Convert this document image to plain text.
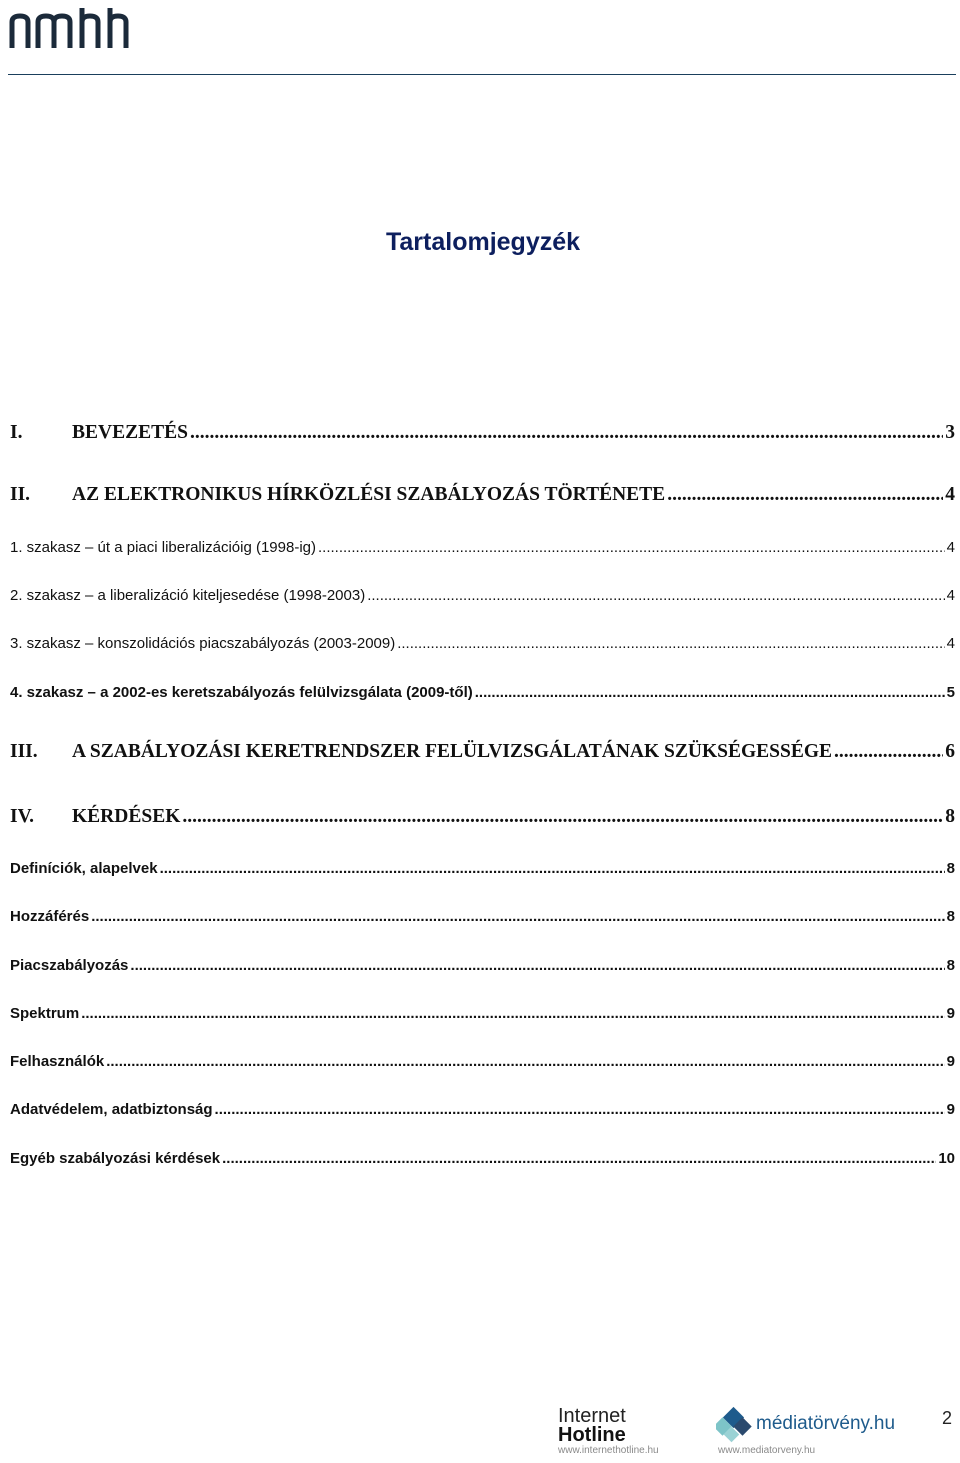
Tartalomjegyzék
I.	BEVEZETÉS .....	3
II.	AZ ELEKTRONIKUS HÍRKÖZLÉSI SZABÁLYOZÁS TÖRTÉNETE .....	4
1. szakasz – út a piaci liberalizációig (1998-ig) .....	4
2. szakasz – a liberalizáció kiteljesedése (1998-2003) .....	4
3. szakasz – konszolidációs piacszabályozás (2003-2009) .....	4
4. szakasz – a 2002-es keretszabályozás felülvizsgálata (2009-től) .....	5
III.	A SZABÁLYOZÁSI KERETRENDSZER FELÜLVIZSGÁLATÁNAK SZÜKSÉGESSÉGE .....	6
IV.	KÉRDÉSEK .....	8
Definíciók, alapelvek .....	8
Hozzáférés .....	8
Piacszabályozás .....	8
Spektrum .....	9
Felhasználók .....	9
Adatvédelem, adatbiztonság .....	9
Egyéb szabályozási kérdések .....	10
Internet
Hotline
www.internethotline.hu
médiatörvény.hu
www.mediatorveny.hu
2
